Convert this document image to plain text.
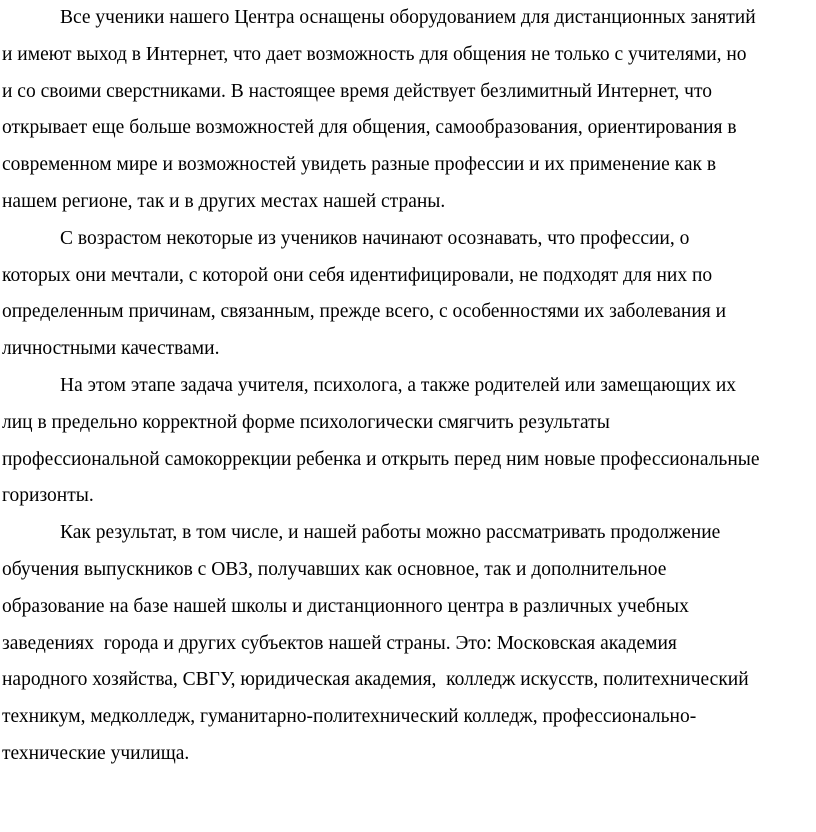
Все ученики нашего Центра оснащены оборудованием для дистанционных занятий
и имеют выход в Интернет, что дает возможность для общения не только с учителями, но
и со своими сверстниками. В настоящее время действует безлимитный Интернет, что
открывает еще больше возможностей для общения, самообразования, ориентирования в
современном мире и возможностей увидеть разные профессии и их применение как в
нашем регионе, так и в других местах нашей страны.
С возрастом некоторые из учеников начинают осознавать, что профессии, о
которых они мечтали, с которой они себя идентифицировали, не подходят для них по
определенным причинам, связанным, прежде всего, с особенностями их заболевания и
личностными качествами.
На этом этапе задача учителя, психолога, а также родителей или замещающих их
лиц в предельно корректной форме психологически смягчить результаты
профессиональной самокоррекции ребенка и открыть перед ним новые профессиональные
горизонты.
Как результат, в том числе, и нашей работы можно рассматривать продолжение
обучения выпускников с ОВЗ, получавших как основное, так и дополнительное
образование на базе нашей школы и дистанционного центра в различных учебных
заведениях  города и других субъектов нашей страны. Это: Московская академия
народного хозяйства, СВГУ, юридическая академия,  колледж искусств, политехнический
техникум, медколледж, гуманитарно-политехнический колледж, профессионально-
технические училища.
